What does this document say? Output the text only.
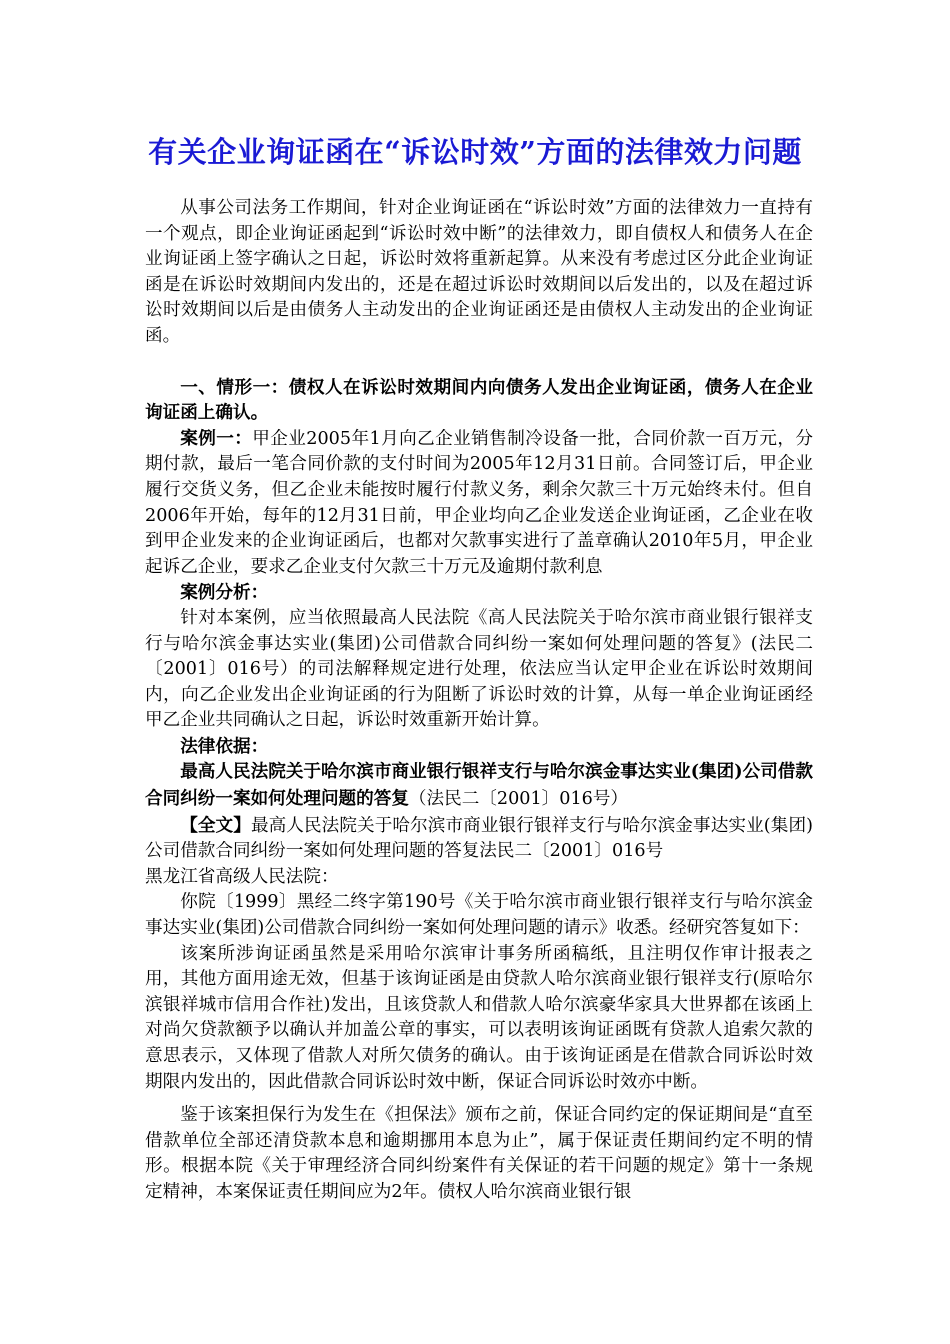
有关企业询证函在“诉讼时效”方面的法律效力问题

从事公司法务工作期间，针对企业询证函在“诉讼时效”方面的法律效力一直持有一个观点，即企业询证函起到“诉讼时效中断”的法律效力，即自债权人和债务人在企业询证函上签字确认之日起，诉讼时效将重新起算。从来没有考虑过区分此企业询证函是在诉讼时效期间内发出的，还是在超过诉讼时效期间以后发出的，以及在超过诉讼时效期间以后是由债务人主动发出的企业询证函还是由债权人主动发出的企业询证函。

一、情形一：债权人在诉讼时效期间内向债务人发出企业询证函，债务人在企业询证函上确认。

案例一：甲企业2005年1月向乙企业销售制冷设备一批，合同价款一百万元，分期付款，最后一笔合同价款的支付时间为2005年12月31日前。合同签订后，甲企业履行交货义务，但乙企业未能按时履行付款义务，剩余欠款三十万元始终未付。但自2006年开始，每年的12月31日前，甲企业均向乙企业发送企业询证函，乙企业在收到甲企业发来的企业询证函后，也都对欠款事实进行了盖章确认2010年5月，甲企业起诉乙企业，要求乙企业支付欠款三十万元及逾期付款利息

案例分析：

针对本案例，应当依照最高人民法院《高人民法院关于哈尔滨市商业银行银祥支行与哈尔滨金事达实业(集团)公司借款合同纠纷一案如何处理问题的答复》(法民二〔2001〕016号）的司法解释规定进行处理，依法应当认定甲企业在诉讼时效期间内，向乙企业发出企业询证函的行为阻断了诉讼时效的计算，从每一单企业询证函经甲乙企业共同确认之日起，诉讼时效重新开始计算。

法律依据：

最高人民法院关于哈尔滨市商业银行银祥支行与哈尔滨金事达实业(集团)公司借款合同纠纷一案如何处理问题的答复（法民二〔2001〕016号）

【全文】最高人民法院关于哈尔滨市商业银行银祥支行与哈尔滨金事达实业(集团)公司借款合同纠纷一案如何处理问题的答复法民二〔2001〕016号

黑龙江省高级人民法院：

你院〔1999〕黑经二终字第190号《关于哈尔滨市商业银行银祥支行与哈尔滨金事达实业(集团)公司借款合同纠纷一案如何处理问题的请示》收悉。经研究答复如下：

该案所涉询证函虽然是采用哈尔滨审计事务所函稿纸，且注明仅作审计报表之用，其他方面用途无效，但基于该询证函是由贷款人哈尔滨商业银行银祥支行(原哈尔滨银祥城市信用合作社)发出，且该贷款人和借款人哈尔滨豪华家具大世界都在该函上对尚欠贷款额予以确认并加盖公章的事实，可以表明该询证函既有贷款人追索欠款的意思表示，又体现了借款人对所欠债务的确认。由于该询证函是在借款合同诉讼时效期限内发出的，因此借款合同诉讼时效中断，保证合同诉讼时效亦中断。

鉴于该案担保行为发生在《担保法》颁布之前，保证合同约定的保证期间是“直至借款单位全部还清贷款本息和逾期挪用本息为止”，属于保证责任期间约定不明的情形。根据本院《关于审理经济合同纠纷案件有关保证的若干问题的规定》第十一条规定精神，本案保证责任期间应为2年。债权人哈尔滨商业银行银
